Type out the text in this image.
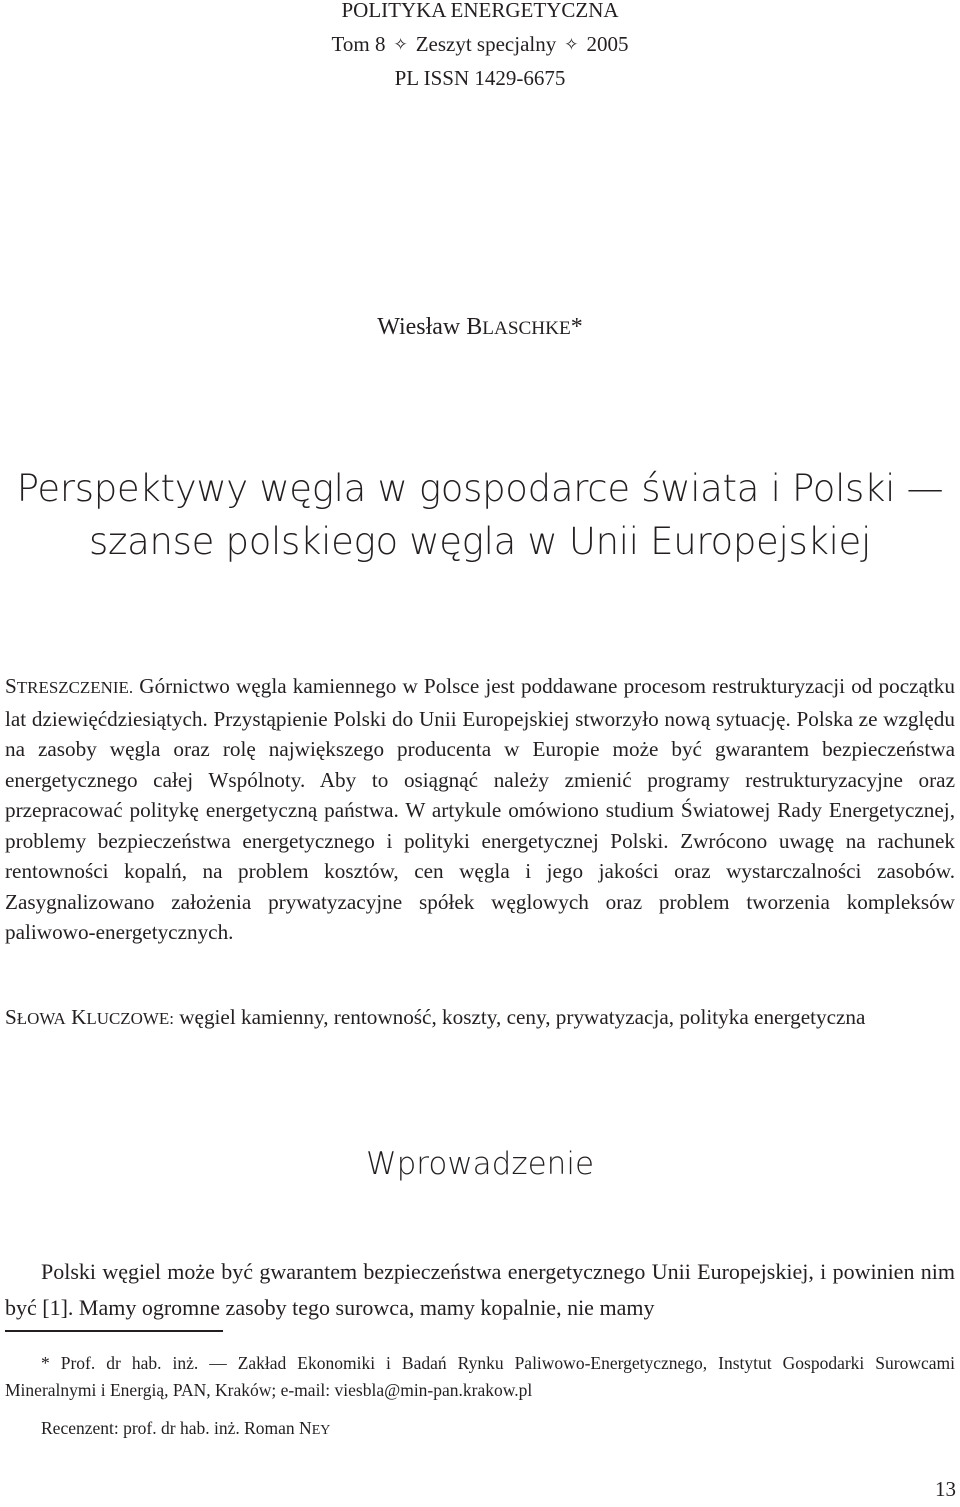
POLITYKA ENERGETYCZNA
Tom 8 ✧ Zeszyt specjalny ✧ 2005
PL ISSN 1429-6675
Wiesław BLASCHKE*
Perspektywy węgla w gospodarce świata i Polski —
szanse polskiego węgla w Unii Europejskiej
STRESZCZENIE. Górnictwo węgla kamiennego w Polsce jest poddawane procesom restrukturyzacji od początku lat dziewięćdziesiątych. Przystąpienie Polski do Unii Europejskiej stworzyło nową sytuację. Polska ze względu na zasoby węgla oraz rolę największego producenta w Europie może być gwarantem bezpieczeństwa energetycznego całej Wspólnoty. Aby to osiągnąć należy zmienić programy restrukturyzacyjne oraz przepracować politykę energetyczną państwa. W artykule omówiono studium Światowej Rady Energetycznej, problemy bezpieczeństwa energetycznego i polityki energetycznej Polski. Zwrócono uwagę na rachunek rentowności kopalń, na problem kosztów, cen węgla i jego jakości oraz wystarczalności zasobów. Zasygnalizowano założenia prywatyzacyjne spółek węglowych oraz problem tworzenia kompleksów paliwowo-energetycznych.
SŁOWA KLUCZOWE: węgiel kamienny, rentowność, koszty, ceny, prywatyzacja, polityka energetyczna
Wprowadzenie
Polski węgiel może być gwarantem bezpieczeństwa energetycznego Unii Europejskiej, i powinien nim być [1]. Mamy ogromne zasoby tego surowca, mamy kopalnie, nie mamy
* Prof. dr hab. inż. — Zakład Ekonomiki i Badań Rynku Paliwowo-Energetycznego, Instytut Gospodarki Surowcami Mineralnymi i Energią, PAN, Kraków; e-mail: viesbla@min-pan.krakow.pl
Recenzent: prof. dr hab. inż. Roman NEY
13
